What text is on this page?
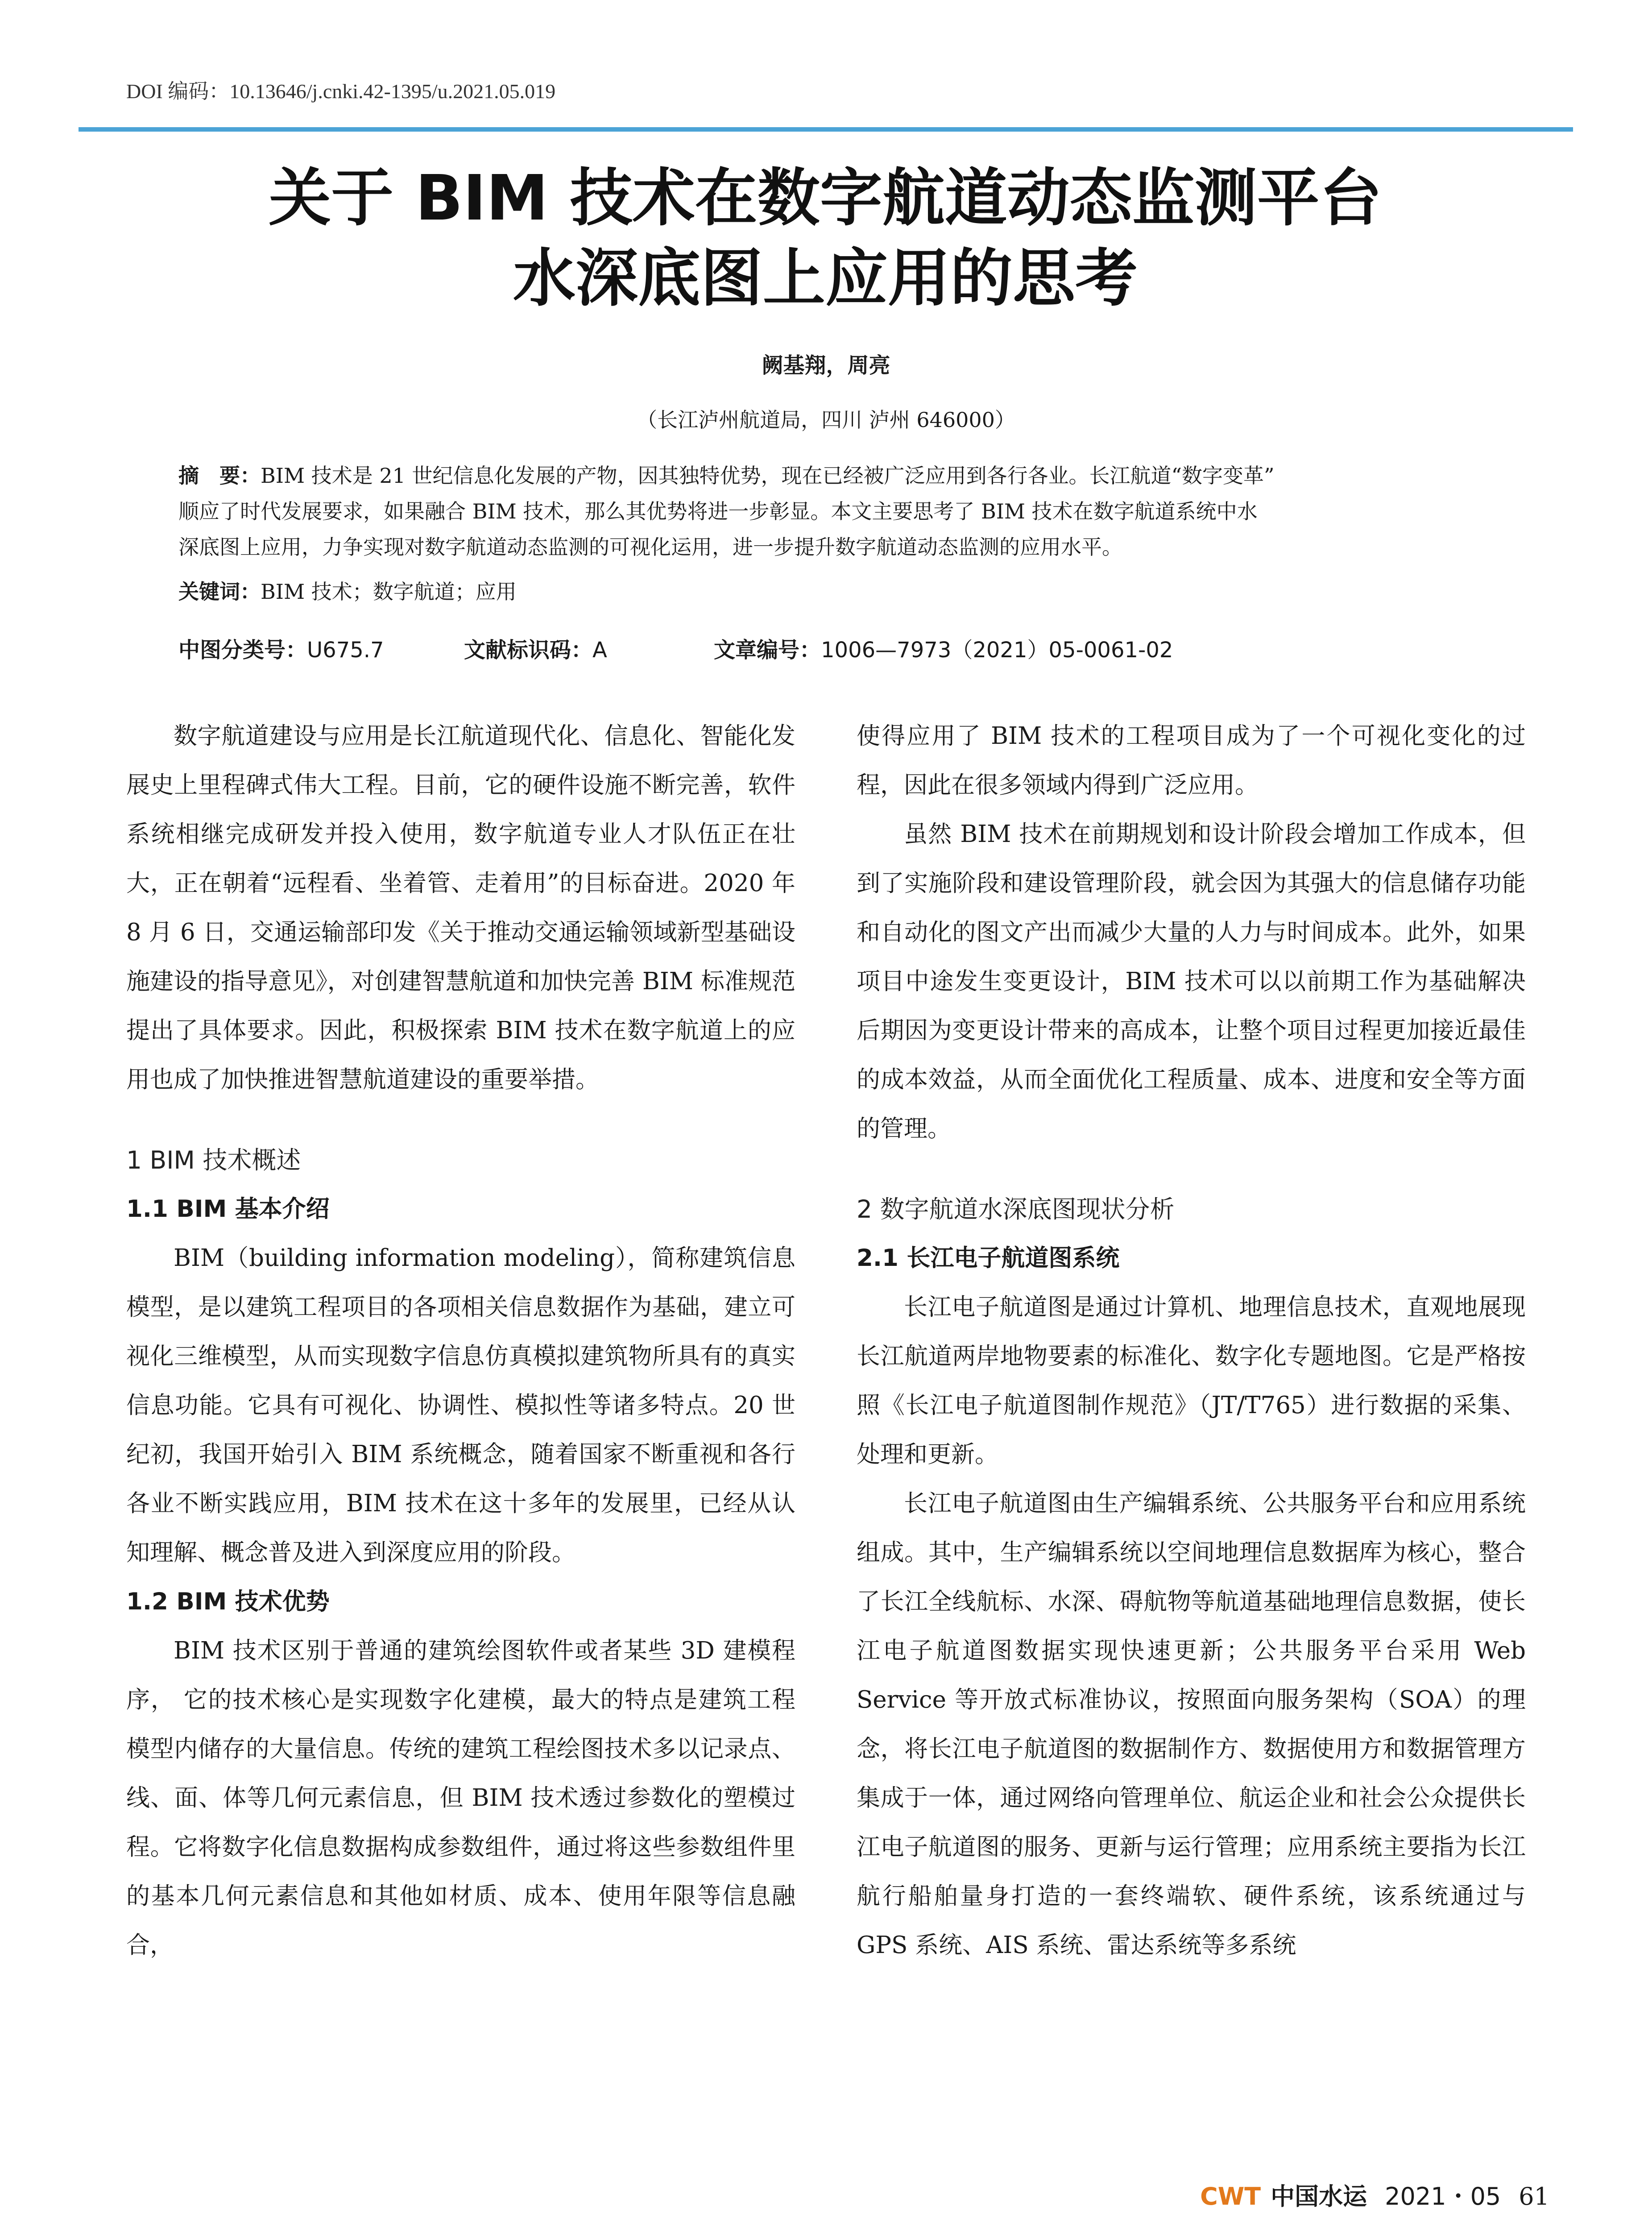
DOI 编码：10.13646/j.cnki.42-1395/u.2021.05.019
关于 BIM 技术在数字航道动态监测平台
水深底图上应用的思考
阙基翔，周亮
（长江泸州航道局，四川 泸州 646000）
摘　要：BIM 技术是 21 世纪信息化发展的产物，因其独特优势，现在已经被广泛应用到各行各业。长江航道“数字变革”
顺应了时代发展要求，如果融合 BIM 技术，那么其优势将进一步彰显。本文主要思考了 BIM 技术在数字航道系统中水
深底图上应用，力争实现对数字航道动态监测的可视化运用，进一步提升数字航道动态监测的应用水平。
关键词：BIM 技术；数字航道；应用
中图分类号：U675.7	文献标识码：A	文章编号：1006—7973（2021）05-0061-02

数字航道建设与应用是长江航道现代化、信息化、智能化发展史上里程碑式伟大工程。目前，它的硬件设施不断完善，软件系统相继完成研发并投入使用，数字航道专业人才队伍正在壮大，正在朝着“远程看、坐着管、走着用”的目标奋进。2020 年 8 月 6 日，交通运输部印发《关于推动交通运输领域新型基础设施建设的指导意见》，对创建智慧航道和加快完善 BIM 标准规范提出了具体要求。因此，积极探索 BIM 技术在数字航道上的应用也成了加快推进智慧航道建设的重要举措。

1 BIM 技术概述
1.1 BIM 基本介绍

BIM（building information modeling），简称建筑信息模型，是以建筑工程项目的各项相关信息数据作为基础，建立可视化三维模型，从而实现数字信息仿真模拟建筑物所具有的真实信息功能。它具有可视化、协调性、模拟性等诸多特点。20 世纪初，我国开始引入 BIM 系统概念，随着国家不断重视和各行各业不断实践应用，BIM 技术在这十多年的发展里，已经从认知理解、概念普及进入到深度应用的阶段。

1.2 BIM 技术优势

BIM 技术区别于普通的建筑绘图软件或者某些 3D 建模程序， 它的技术核心是实现数字化建模，最大的特点是建筑工程模型内储存的大量信息。传统的建筑工程绘图技术多以记录点、线、面、体等几何元素信息，但 BIM 技术透过参数化的塑模过程。它将数字化信息数据构成参数组件，通过将这些参数组件里的基本几何元素信息和其他如材质、成本、使用年限等信息融合，

使得应用了 BIM 技术的工程项目成为了一个可视化变化的过程，因此在很多领域内得到广泛应用。

虽然 BIM 技术在前期规划和设计阶段会增加工作成本，但到了实施阶段和建设管理阶段，就会因为其强大的信息储存功能和自动化的图文产出而减少大量的人力与时间成本。此外，如果项目中途发生变更设计，BIM 技术可以以前期工作为基础解决后期因为变更设计带来的高成本，让整个项目过程更加接近最佳的成本效益，从而全面优化工程质量、成本、进度和安全等方面的管理。

2 数字航道水深底图现状分析
2.1 长江电子航道图系统

长江电子航道图是通过计算机、地理信息技术，直观地展现长江航道两岸地物要素的标准化、数字化专题地图。它是严格按照《长江电子航道图制作规范》（JT/T765）进行数据的采集、处理和更新。

长江电子航道图由生产编辑系统、公共服务平台和应用系统组成。其中，生产编辑系统以空间地理信息数据库为核心，整合了长江全线航标、水深、碍航物等航道基础地理信息数据，使长江电子航道图数据实现快速更新；公共服务平台采用 Web Service 等开放式标准协议，按照面向服务架构（SOA）的理念，将长江电子航道图的数据制作方、数据使用方和数据管理方集成于一体，通过网络向管理单位、航运企业和社会公众提供长江电子航道图的服务、更新与运行管理；应用系统主要指为长江航行船舶量身打造的一套终端软、硬件系统，该系统通过与 GPS 系统、AIS 系统、雷达系统等多系统

CWT 中国水运 2021・05 61
